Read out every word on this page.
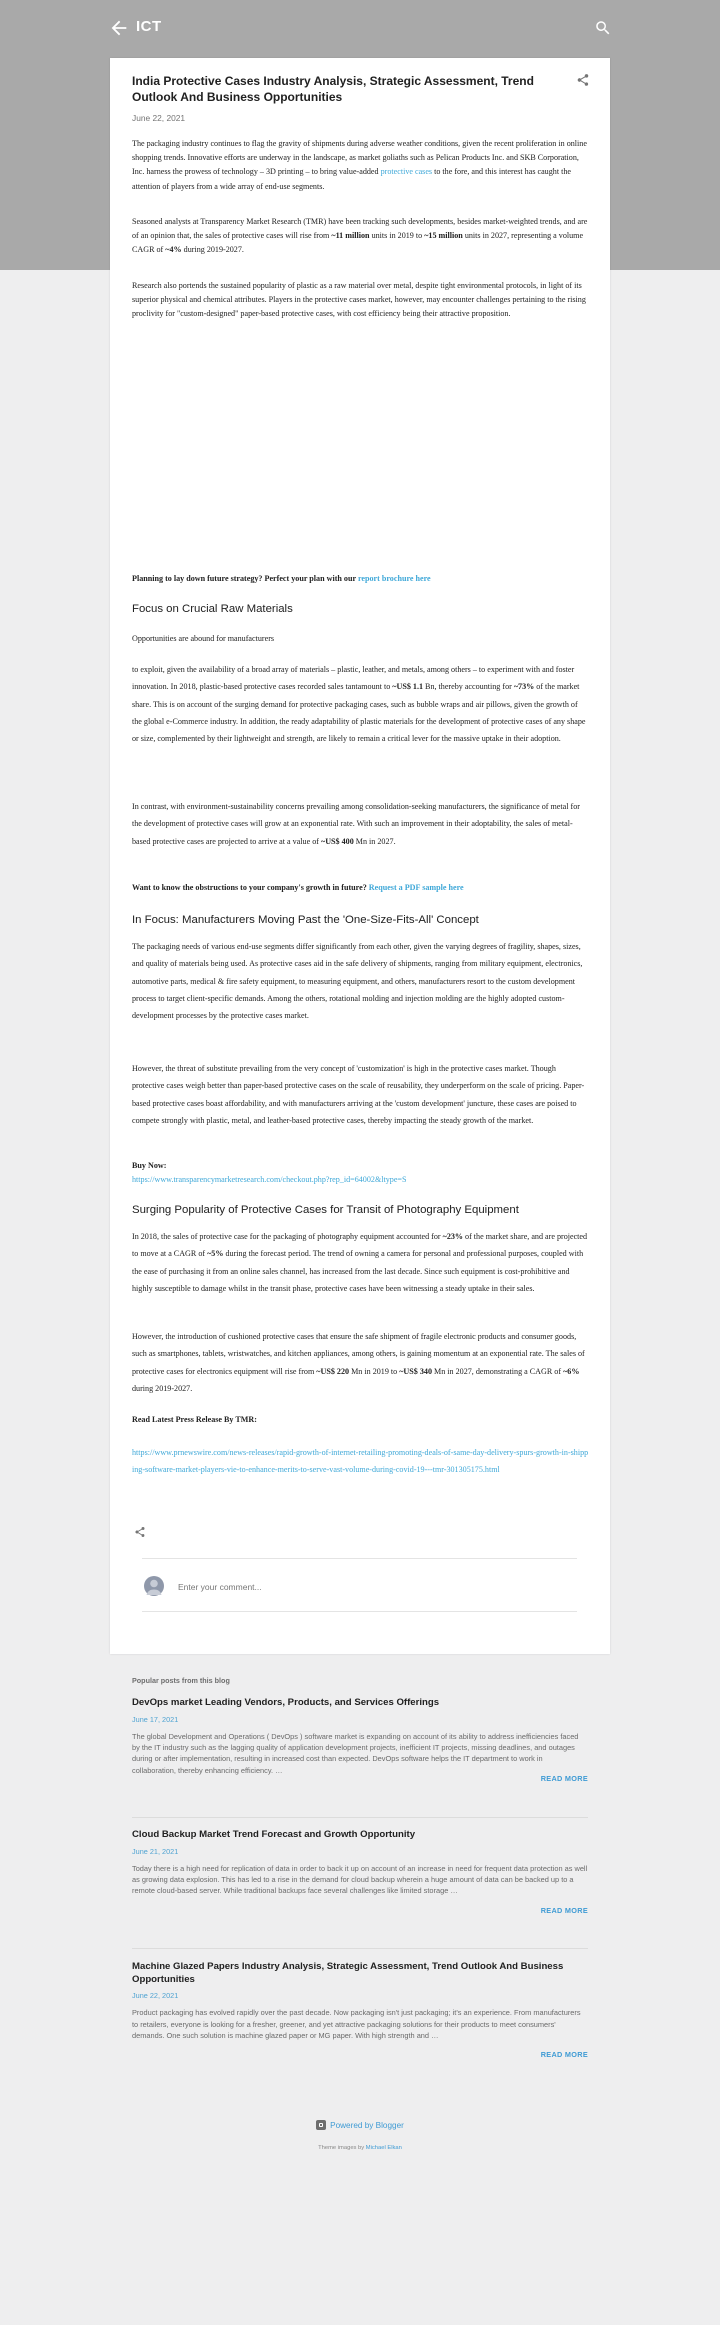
ICT
India Protective Cases Industry Analysis, Strategic Assessment, Trend Outlook And Business Opportunities
June 22, 2021

The packaging industry continues to flag the gravity of shipments during adverse weather conditions, given the recent proliferation in online shopping trends. Innovative efforts are underway in the landscape, as market goliaths such as Pelican Products Inc. and SKB Corporation, Inc. harness the prowess of technology – 3D printing – to bring value-added protective cases to the fore, and this interest has caught the attention of players from a wide array of end-use segments.

Seasoned analysts at Transparency Market Research (TMR) have been tracking such developments, besides market-weighted trends, and are of an opinion that, the sales of protective cases will rise from ~11 million units in 2019 to ~15 million units in 2027, representing a volume CAGR of ~4% during 2019-2027.

Research also portends the sustained popularity of plastic as a raw material over metal, despite tight environmental protocols, in light of its superior physical and chemical attributes. Players in the protective cases market, however, may encounter challenges pertaining to the rising proclivity for "custom-designed" paper-based protective cases, with cost efficiency being their attractive proposition.

Planning to lay down future strategy? Perfect your plan with our report brochure here

Focus on Crucial Raw Materials

Opportunities are abound for manufacturers

to exploit, given the availability of a broad array of materials – plastic, leather, and metals, among others – to experiment with and foster innovation. In 2018, plastic-based protective cases recorded sales tantamount to ~US$ 1.1 Bn, thereby accounting for ~73% of the market share. This is on account of the surging demand for protective packaging cases, such as bubble wraps and air pillows, given the growth of the global e-Commerce industry. In addition, the ready adaptability of plastic materials for the development of protective cases of any shape or size, complemented by their lightweight and strength, are likely to remain a critical lever for the massive uptake in their adoption.

In contrast, with environment-sustainability concerns prevailing among consolidation-seeking manufacturers, the significance of metal for the development of protective cases will grow at an exponential rate. With such an improvement in their adoptability, the sales of metal-based protective cases are projected to arrive at a value of ~US$ 400 Mn in 2027.

Want to know the obstructions to your company's growth in future? Request a PDF sample here

In Focus: Manufacturers Moving Past the 'One-Size-Fits-All' Concept

The packaging needs of various end-use segments differ significantly from each other, given the varying degrees of fragility, shapes, sizes, and quality of materials being used. As protective cases aid in the safe delivery of shipments, ranging from military equipment, electronics, automotive parts, medical & fire safety equipment, to measuring equipment, and others, manufacturers resort to the custom development process to target client-specific demands. Among the others, rotational molding and injection molding are the highly adopted custom-development processes by the protective cases market.

However, the threat of substitute prevailing from the very concept of 'customization' is high in the protective cases market. Though protective cases weigh better than paper-based protective cases on the scale of reusability, they underperform on the scale of pricing. Paper-based protective cases boast affordability, and with manufacturers arriving at the 'custom development' juncture, these cases are poised to compete strongly with plastic, metal, and leather-based protective cases, thereby impacting the steady growth of the market.

Buy Now:
https://www.transparencymarketresearch.com/checkout.php?rep_id=64002&ltype=S

Surging Popularity of Protective Cases for Transit of Photography Equipment

In 2018, the sales of protective case for the packaging of photography equipment accounted for ~23% of the market share, and are projected to move at a CAGR of ~5% during the forecast period. The trend of owning a camera for personal and professional purposes, coupled with the ease of purchasing it from an online sales channel, has increased from the last decade. Since such equipment is cost-prohibitive and highly susceptible to damage whilst in the transit phase, protective cases have been witnessing a steady uptake in their sales.

However, the introduction of cushioned protective cases that ensure the safe shipment of fragile electronic products and consumer goods, such as smartphones, tablets, wristwatches, and kitchen appliances, among others, is gaining momentum at an exponential rate. The sales of protective cases for electronics equipment will rise from ~US$ 220 Mn in 2019 to ~US$ 340 Mn in 2027, demonstrating a CAGR of ~6% during 2019-2027.

Read Latest Press Release By TMR:

https://www.prnewswire.com/news-releases/rapid-growth-of-internet-retailing-promoting-deals-of-same-day-delivery-spurs-growth-in-shipping-software-market-players-vie-to-enhance-merits-to-serve-vast-volume-during-covid-19---tmr-301305175.html

Enter your comment...
Popular posts from this blog
DevOps market Leading Vendors, Products, and Services Offerings
June 17, 2021
The global Development and Operations ( DevOps ) software market is expanding on account of its ability to address inefficiencies faced by the IT industry such as the lagging quality of application development projects, inefficient IT projects, missing deadlines, and outages during or after implementation, resulting in increased cost than expected. DevOps software helps the IT department to work in collaboration, thereby enhancing efficiency. …
READ MORE
Cloud Backup Market Trend Forecast and Growth Opportunity
June 21, 2021
Today there is a high need for replication of data in order to back it up on account of an increase in need for frequent data protection as well as growing data explosion. This has led to a rise in the demand for cloud backup wherein a huge amount of data can be backed up to a remote cloud-based server. While traditional backups face several challenges like limited storage …
READ MORE
Machine Glazed Papers Industry Analysis, Strategic Assessment, Trend Outlook And Business Opportunities
June 22, 2021
Product packaging has evolved rapidly over the past decade. Now packaging isn't just packaging; it's an experience. From manufacturers to retailers, everyone is looking for a fresher, greener, and yet attractive packaging solutions for their products to meet consumers' demands. One such solution is machine glazed paper or MG paper. With high strength and …
READ MORE
Powered by Blogger
Theme images by Michael Elkan
